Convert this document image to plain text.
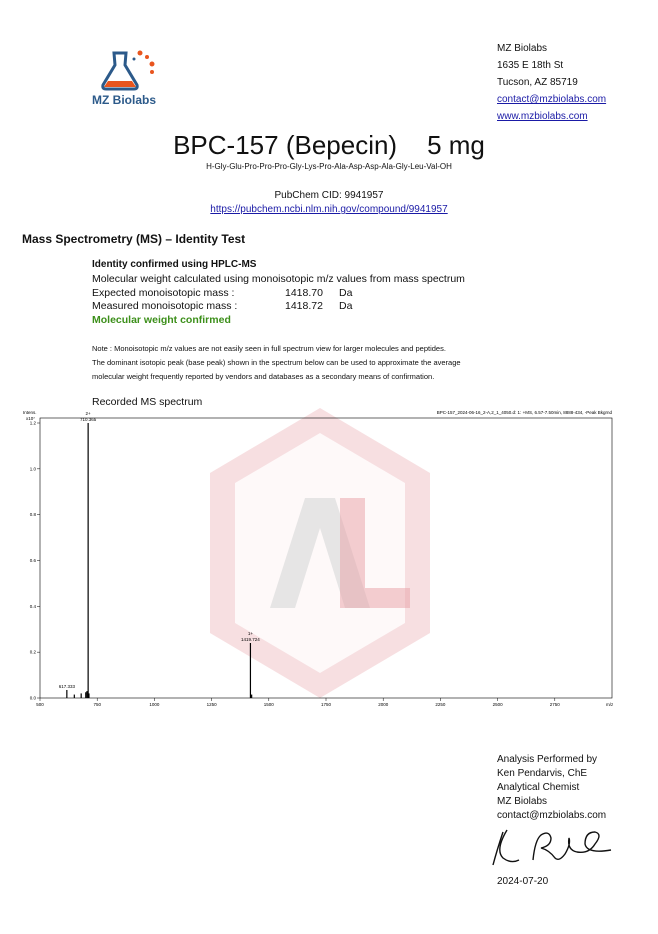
MZ Biolabs
MZ Biolabs
1635 E 18th St
Tucson, AZ 85719
contact@mzbiolabs.com
www.mzbiolabs.com
BPC-157 (Bepecin) 5 mg
H-Gly-Glu-Pro-Pro-Pro-Gly-Lys-Pro-Ala-Asp-Asp-Ala-Gly-Leu-Val-OH
PubChem CID: 9941957
https://pubchem.ncbi.nlm.nih.gov/compound/9941957
Mass Spectrometry (MS) – Identity Test
Identity confirmed using HPLC-MS
Molecular weight calculated using monoisotopic m/z values from mass spectrum
Expected monoisotopic mass :	1418.70 Da
Measured monoisotopic mass :	1418.72 Da
Molecular weight confirmed
Note : Monoisotopic m/z values are not easily seen in full spectrum view for larger molecules and peptides.
The dominant isotopic peak (base peak) shown in the spectrum below can be used to approximate the average
molecular weight frequently reported by vendors and databases as a secondary means of confirmation.
Recorded MS spectrum
500	750	1000	1250	1500	1750	2000	2250	2500	2750
0.0
0.2
0.4
0.6
0.8
1.0
1.2
617.333
710.365
2+
1419.724
1+
BPC-157_2024-06-16_2-A,2_1_4050.d: 1: +MS, 6.57-7.50min, 8888-434, -Peak Bkgrnd
Intens.
x10⁷
m/z
Analysis Performed by
Ken Pendarvis, ChE
Analytical Chemist
MZ Biolabs
contact@mzbiolabs.com
2024-07-20
